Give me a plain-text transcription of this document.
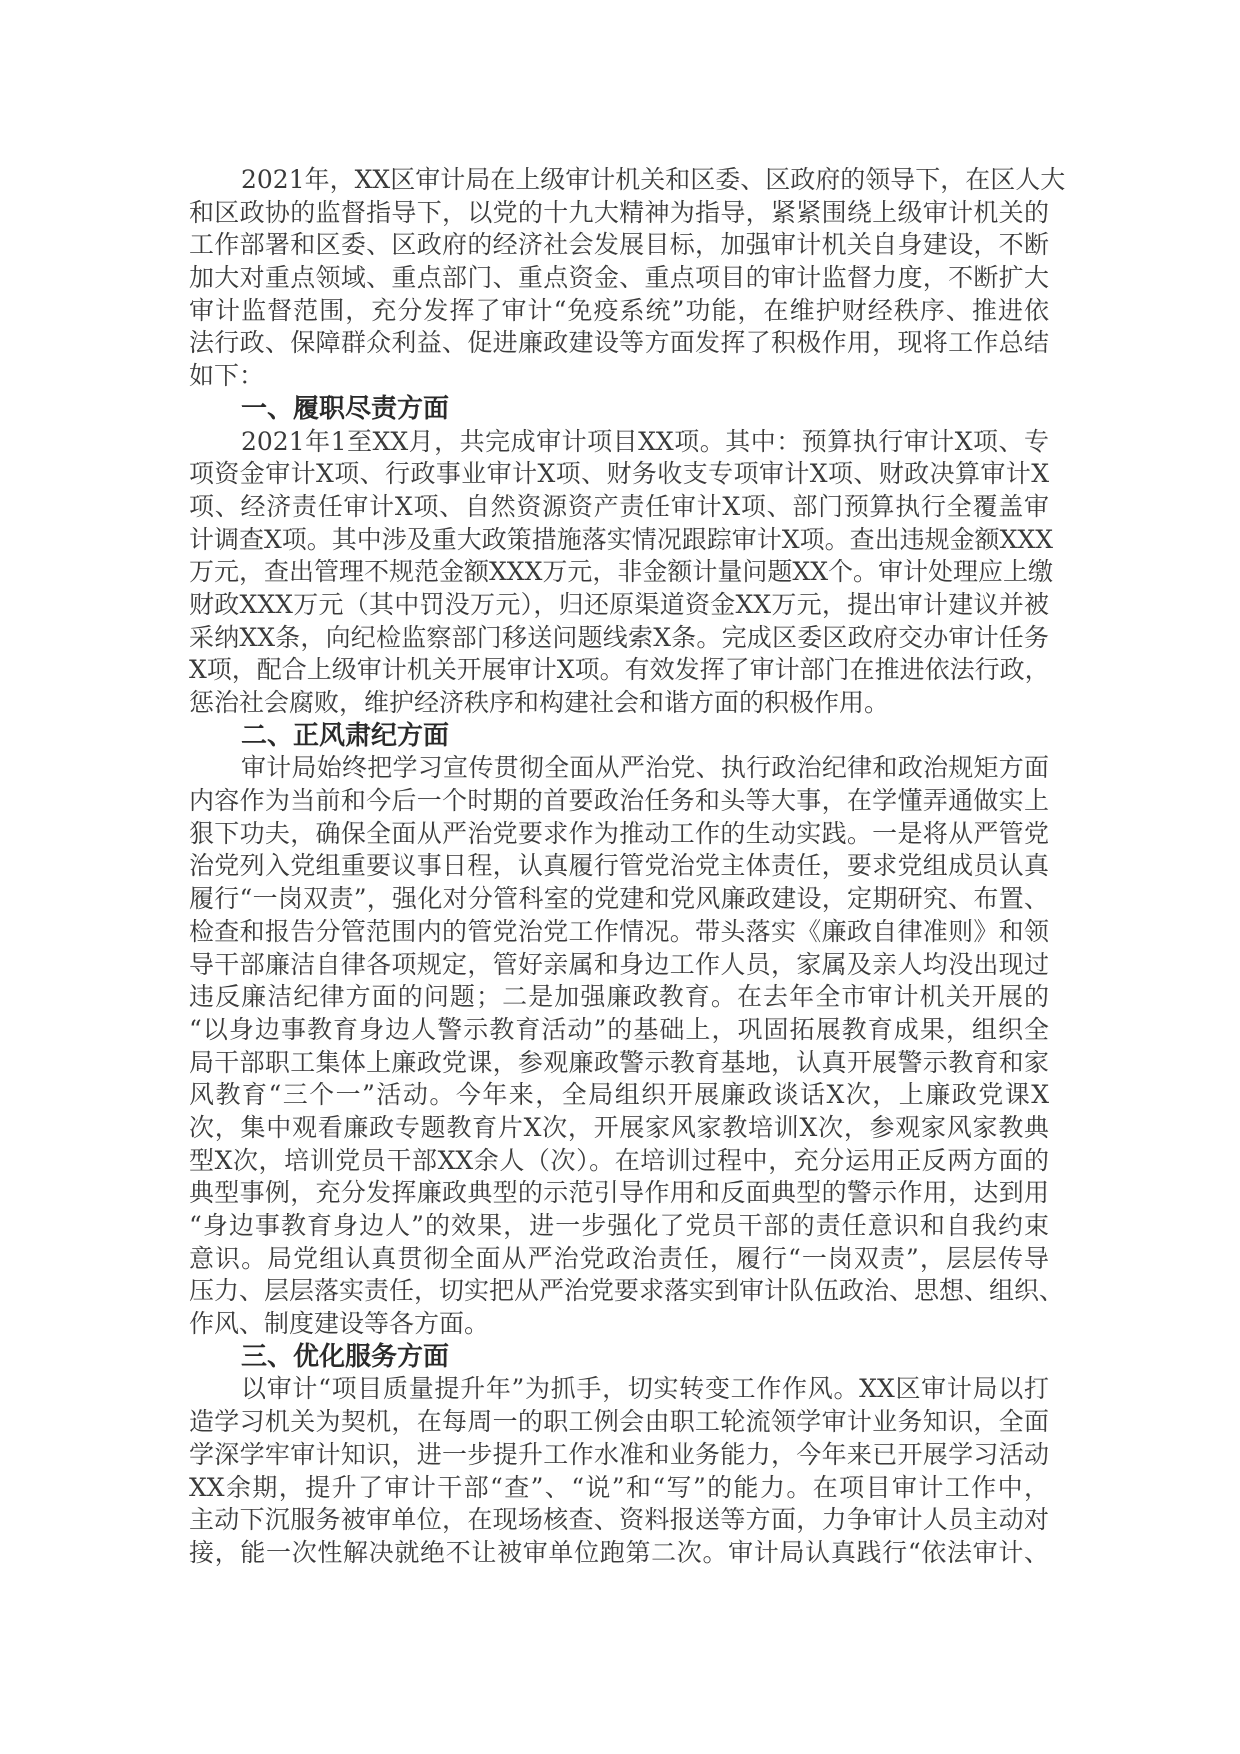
2021年，XX区审计局在上级审计机关和区委、区政府的领导下，在区人大
和区政协的监督指导下，以党的十九大精神为指导，紧紧围绕上级审计机关的
工作部署和区委、区政府的经济社会发展目标，加强审计机关自身建设，不断
加大对重点领域、重点部门、重点资金、重点项目的审计监督力度，不断扩大
审计监督范围，充分发挥了审计“免疫系统”功能，在维护财经秩序、推进依
法行政、保障群众利益、促进廉政建设等方面发挥了积极作用，现将工作总结
如下：
一、履职尽责方面
2021年1至XX月，共完成审计项目XX项。其中：预算执行审计X项、专
项资金审计X项、行政事业审计X项、财务收支专项审计X项、财政决算审计X
项、经济责任审计X项、自然资源资产责任审计X项、部门预算执行全覆盖审
计调查X项。其中涉及重大政策措施落实情况跟踪审计X项。查出违规金额XXX
万元，查出管理不规范金额XXX万元，非金额计量问题XX个。审计处理应上缴
财政XXX万元（其中罚没万元），归还原渠道资金XX万元，提出审计建议并被
采纳XX条，向纪检监察部门移送问题线索X条。完成区委区政府交办审计任务
X项，配合上级审计机关开展审计X项。有效发挥了审计部门在推进依法行政，
惩治社会腐败，维护经济秩序和构建社会和谐方面的积极作用。
二、正风肃纪方面
审计局始终把学习宣传贯彻全面从严治党、执行政治纪律和政治规矩方面
内容作为当前和今后一个时期的首要政治任务和头等大事，在学懂弄通做实上
狠下功夫，确保全面从严治党要求作为推动工作的生动实践。一是将从严管党
治党列入党组重要议事日程，认真履行管党治党主体责任，要求党组成员认真
履行“一岗双责”，强化对分管科室的党建和党风廉政建设，定期研究、布置、
检查和报告分管范围内的管党治党工作情况。带头落实《廉政自律准则》和领
导干部廉洁自律各项规定，管好亲属和身边工作人员，家属及亲人均没出现过
违反廉洁纪律方面的问题；二是加强廉政教育。在去年全市审计机关开展的
“以身边事教育身边人警示教育活动”的基础上，巩固拓展教育成果，组织全
局干部职工集体上廉政党课，参观廉政警示教育基地，认真开展警示教育和家
风教育“三个一”活动。今年来，全局组织开展廉政谈话X次，上廉政党课X
次，集中观看廉政专题教育片X次，开展家风家教培训X次，参观家风家教典
型X次，培训党员干部XX余人（次）。在培训过程中，充分运用正反两方面的
典型事例，充分发挥廉政典型的示范引导作用和反面典型的警示作用，达到用
“身边事教育身边人”的效果，进一步强化了党员干部的责任意识和自我约束
意识。局党组认真贯彻全面从严治党政治责任，履行“一岗双责”，层层传导
压力、层层落实责任，切实把从严治党要求落实到审计队伍政治、思想、组织、
作风、制度建设等各方面。
三、优化服务方面
以审计“项目质量提升年”为抓手，切实转变工作作风。XX区审计局以打
造学习机关为契机，在每周一的职工例会由职工轮流领学审计业务知识，全面
学深学牢审计知识，进一步提升工作水准和业务能力，今年来已开展学习活动
XX余期，提升了审计干部“查”、“说”和“写”的能力。在项目审计工作中，
主动下沉服务被审单位，在现场核查、资料报送等方面，力争审计人员主动对
接，能一次性解决就绝不让被审单位跑第二次。审计局认真践行“依法审计、
